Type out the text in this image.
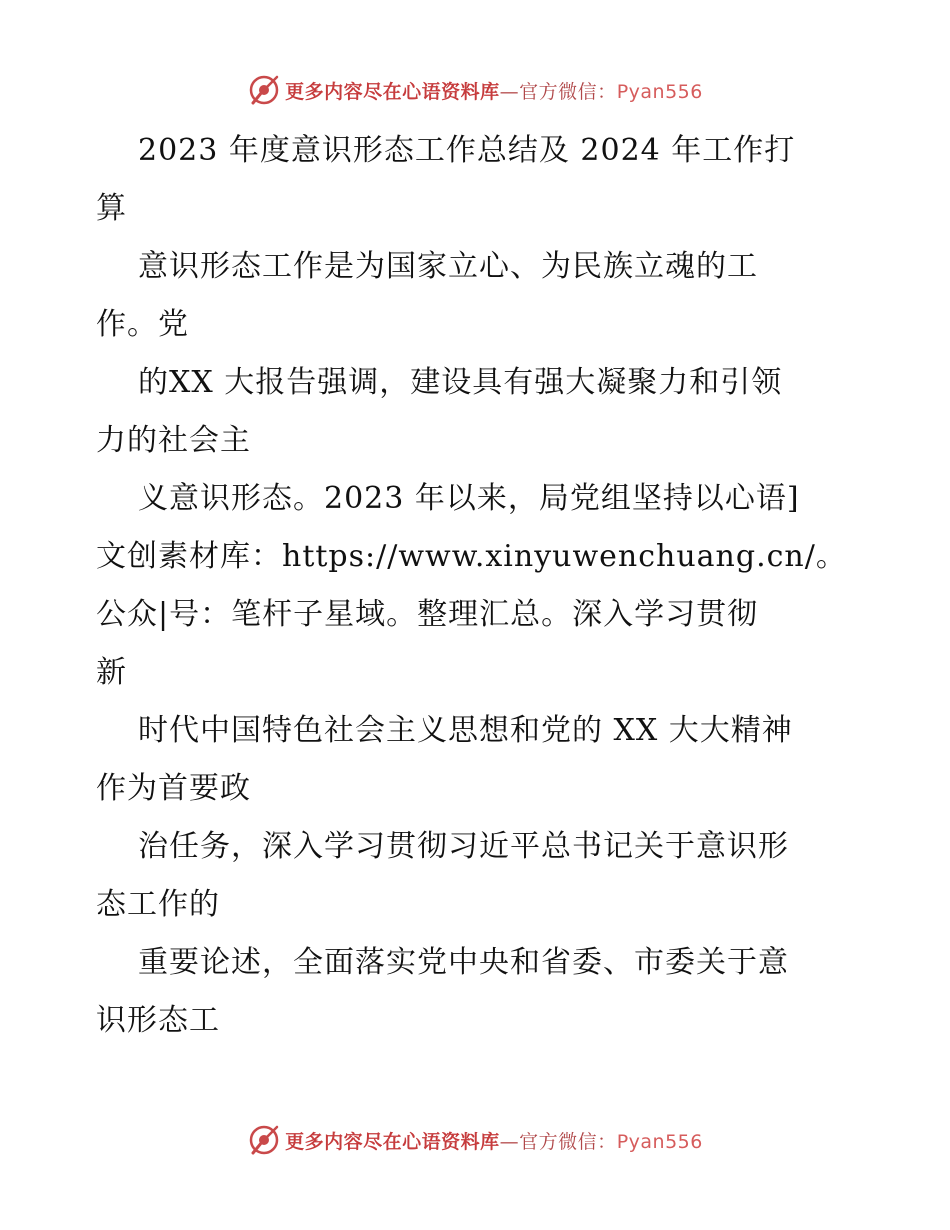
更多内容尽在心语资料库—官方微信：Pyan556
2023 年度意识形态工作总结及 2024 年工作打
算
意识形态工作是为国家立心、为民族立魂的工
作。党
的XX 大报告强调，建设具有强大凝聚力和引领
力的社会主
义意识形态。2023 年以来，局党组坚持以心语]
文创素材库：https://www.xinyuwenchuang.cn/。
公众|号：笔杆子星域。整理汇总。深入学习贯彻
新
时代中国特色社会主义思想和党的 XX 大大精神
作为首要政
治任务，深入学习贯彻习近平总书记关于意识形
态工作的
重要论述，全面落实党中央和省委、市委关于意
识形态工
更多内容尽在心语资料库—官方微信：Pyan556
